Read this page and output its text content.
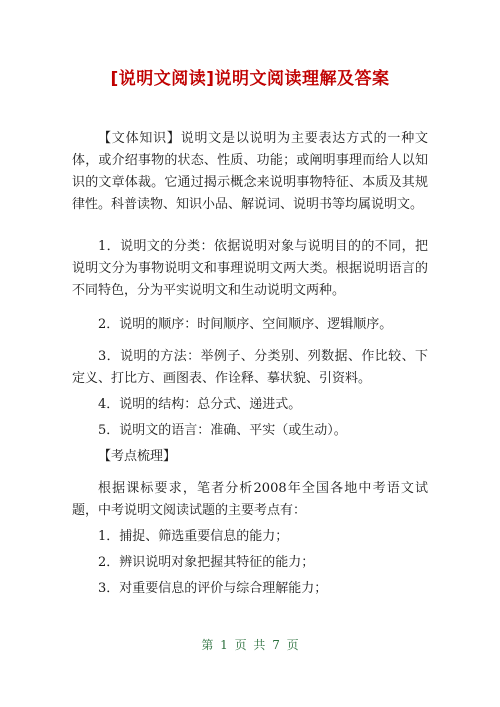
[说明文阅读]说明文阅读理解及答案

【文体知识】说明文是以说明为主要表达方式的一种文体，或介绍事物的状态、性质、功能；或阐明事理而给人以知识的文章体裁。它通过揭示概念来说明事物特征、本质及其规律性。科普读物、知识小品、解说词、说明书等均属说明文。

1．说明文的分类：依据说明对象与说明目的的不同，把说明文分为事物说明文和事理说明文两大类。根据说明语言的不同特色，分为平实说明文和生动说明文两种。

2．说明的顺序：时间顺序、空间顺序、逻辑顺序。

3．说明的方法：举例子、分类别、列数据、作比较、下定义、打比方、画图表、作诠释、摹状貌、引资料。

4．说明的结构：总分式、递进式。

5．说明文的语言：准确、平实（或生动）。

【考点梳理】

根据课标要求，笔者分析2008年全国各地中考语文试题，中考说明文阅读试题的主要考点有：

1．捕捉、筛选重要信息的能力；

2．辨识说明对象把握其特征的能力；

3．对重要信息的评价与综合理解能力；

第 1 页 共 7 页
